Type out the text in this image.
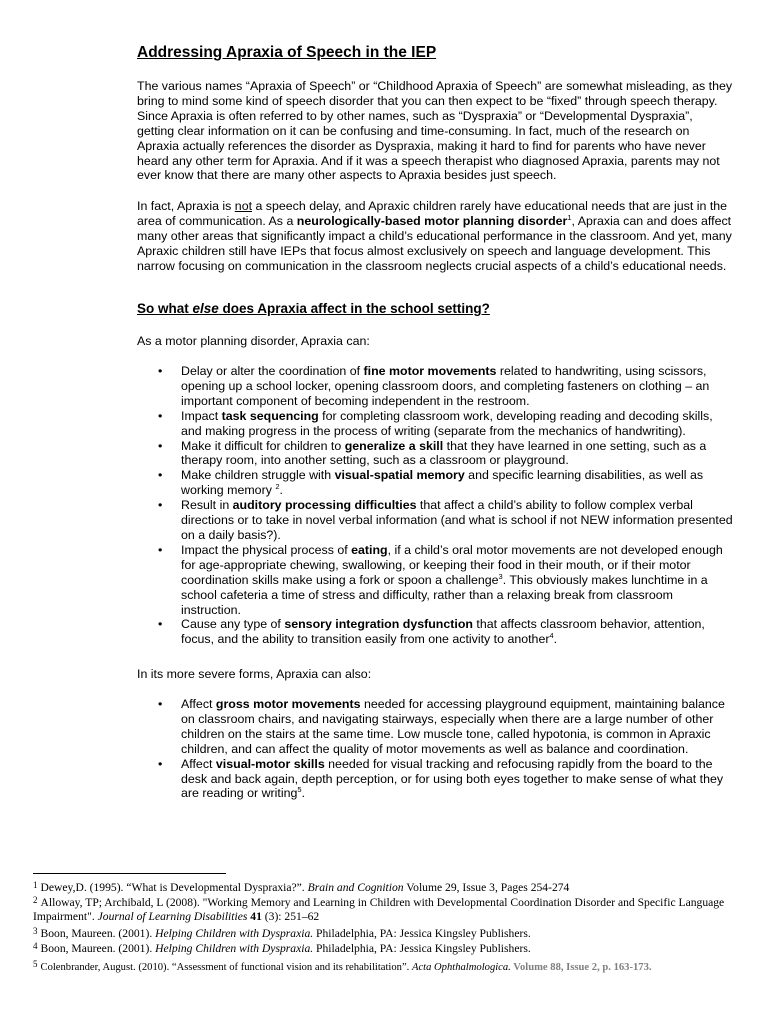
Addressing Apraxia of Speech in the IEP

The various names “Apraxia of Speech” or “Childhood Apraxia of Speech” are somewhat misleading, as they bring to mind some kind of speech disorder that you can then expect to be “fixed” through speech therapy. Since Apraxia is often referred to by other names, such as “Dyspraxia” or “Developmental Dyspraxia”, getting clear information on it can be confusing and time-consuming. In fact, much of the research on Apraxia actually references the disorder as Dyspraxia, making it hard to find for parents who have never heard any other term for Apraxia. And if it was a speech therapist who diagnosed Apraxia, parents may not ever know that there are many other aspects to Apraxia besides just speech.

In fact, Apraxia is not a speech delay, and Apraxic children rarely have educational needs that are just in the area of communication. As a neurologically-based motor planning disorder$^1$, Apraxia can and does affect many other areas that significantly impact a child’s educational performance in the classroom. And yet, many Apraxic children still have IEPs that focus almost exclusively on speech and language development. This narrow focusing on communication in the classroom neglects crucial aspects of a child’s educational needs.

So what else does Apraxia affect in the school setting?

As a motor planning disorder, Apraxia can:

• Delay or alter the coordination of fine motor movements related to handwriting, using scissors, opening up a school locker, opening classroom doors, and completing fasteners on clothing – an important component of becoming independent in the restroom.
• Impact task sequencing for completing classroom work, developing reading and decoding skills, and making progress in the process of writing (separate from the mechanics of handwriting).
• Make it difficult for children to generalize a skill that they have learned in one setting, such as a therapy room, into another setting, such as a classroom or playground.
• Make children struggle with visual-spatial memory and specific learning disabilities, as well as working memory $^2$.
• Result in auditory processing difficulties that affect a child’s ability to follow complex verbal directions or to take in novel verbal information (and what is school if not NEW information presented on a daily basis?).
• Impact the physical process of eating, if a child’s oral motor movements are not developed enough for age-appropriate chewing, swallowing, or keeping their food in their mouth, or if their motor coordination skills make using a fork or spoon a challenge$^3$. This obviously makes lunchtime in a school cafeteria a time of stress and difficulty, rather than a relaxing break from classroom instruction.
• Cause any type of sensory integration dysfunction that affects classroom behavior, attention, focus, and the ability to transition easily from one activity to another$^4$.

In its more severe forms, Apraxia can also:

• Affect gross motor movements needed for accessing playground equipment, maintaining balance on classroom chairs, and navigating stairways, especially when there are a large number of other children on the stairs at the same time. Low muscle tone, called hypotonia, is common in Apraxic children, and can affect the quality of motor movements as well as balance and coordination.
• Affect visual-motor skills needed for visual tracking and refocusing rapidly from the board to the desk and back again, depth perception, or for using both eyes together to make sense of what they are reading or writing$^5$.

$^1$ Dewey,D. (1995). “What is Developmental Dyspraxia?”. Brain and Cognition Volume 29, Issue 3, Pages 254-274

$^2$ Alloway, TP; Archibald, L (2008). "Working Memory and Learning in Children with Developmental Coordination Disorder and Specific Language Impairment". Journal of Learning Disabilities 41 (3): 251–62

$^3$ Boon, Maureen. (2001). Helping Children with Dyspraxia. Philadelphia, PA: Jessica Kingsley Publishers.

$^4$ Boon, Maureen. (2001). Helping Children with Dyspraxia. Philadelphia, PA: Jessica Kingsley Publishers.

$^5$ Colenbrander, August. (2010). “Assessment of functional vision and its rehabilitation”. Acta Ophthalmologica. Volume 88, Issue 2, p. 163-173.
